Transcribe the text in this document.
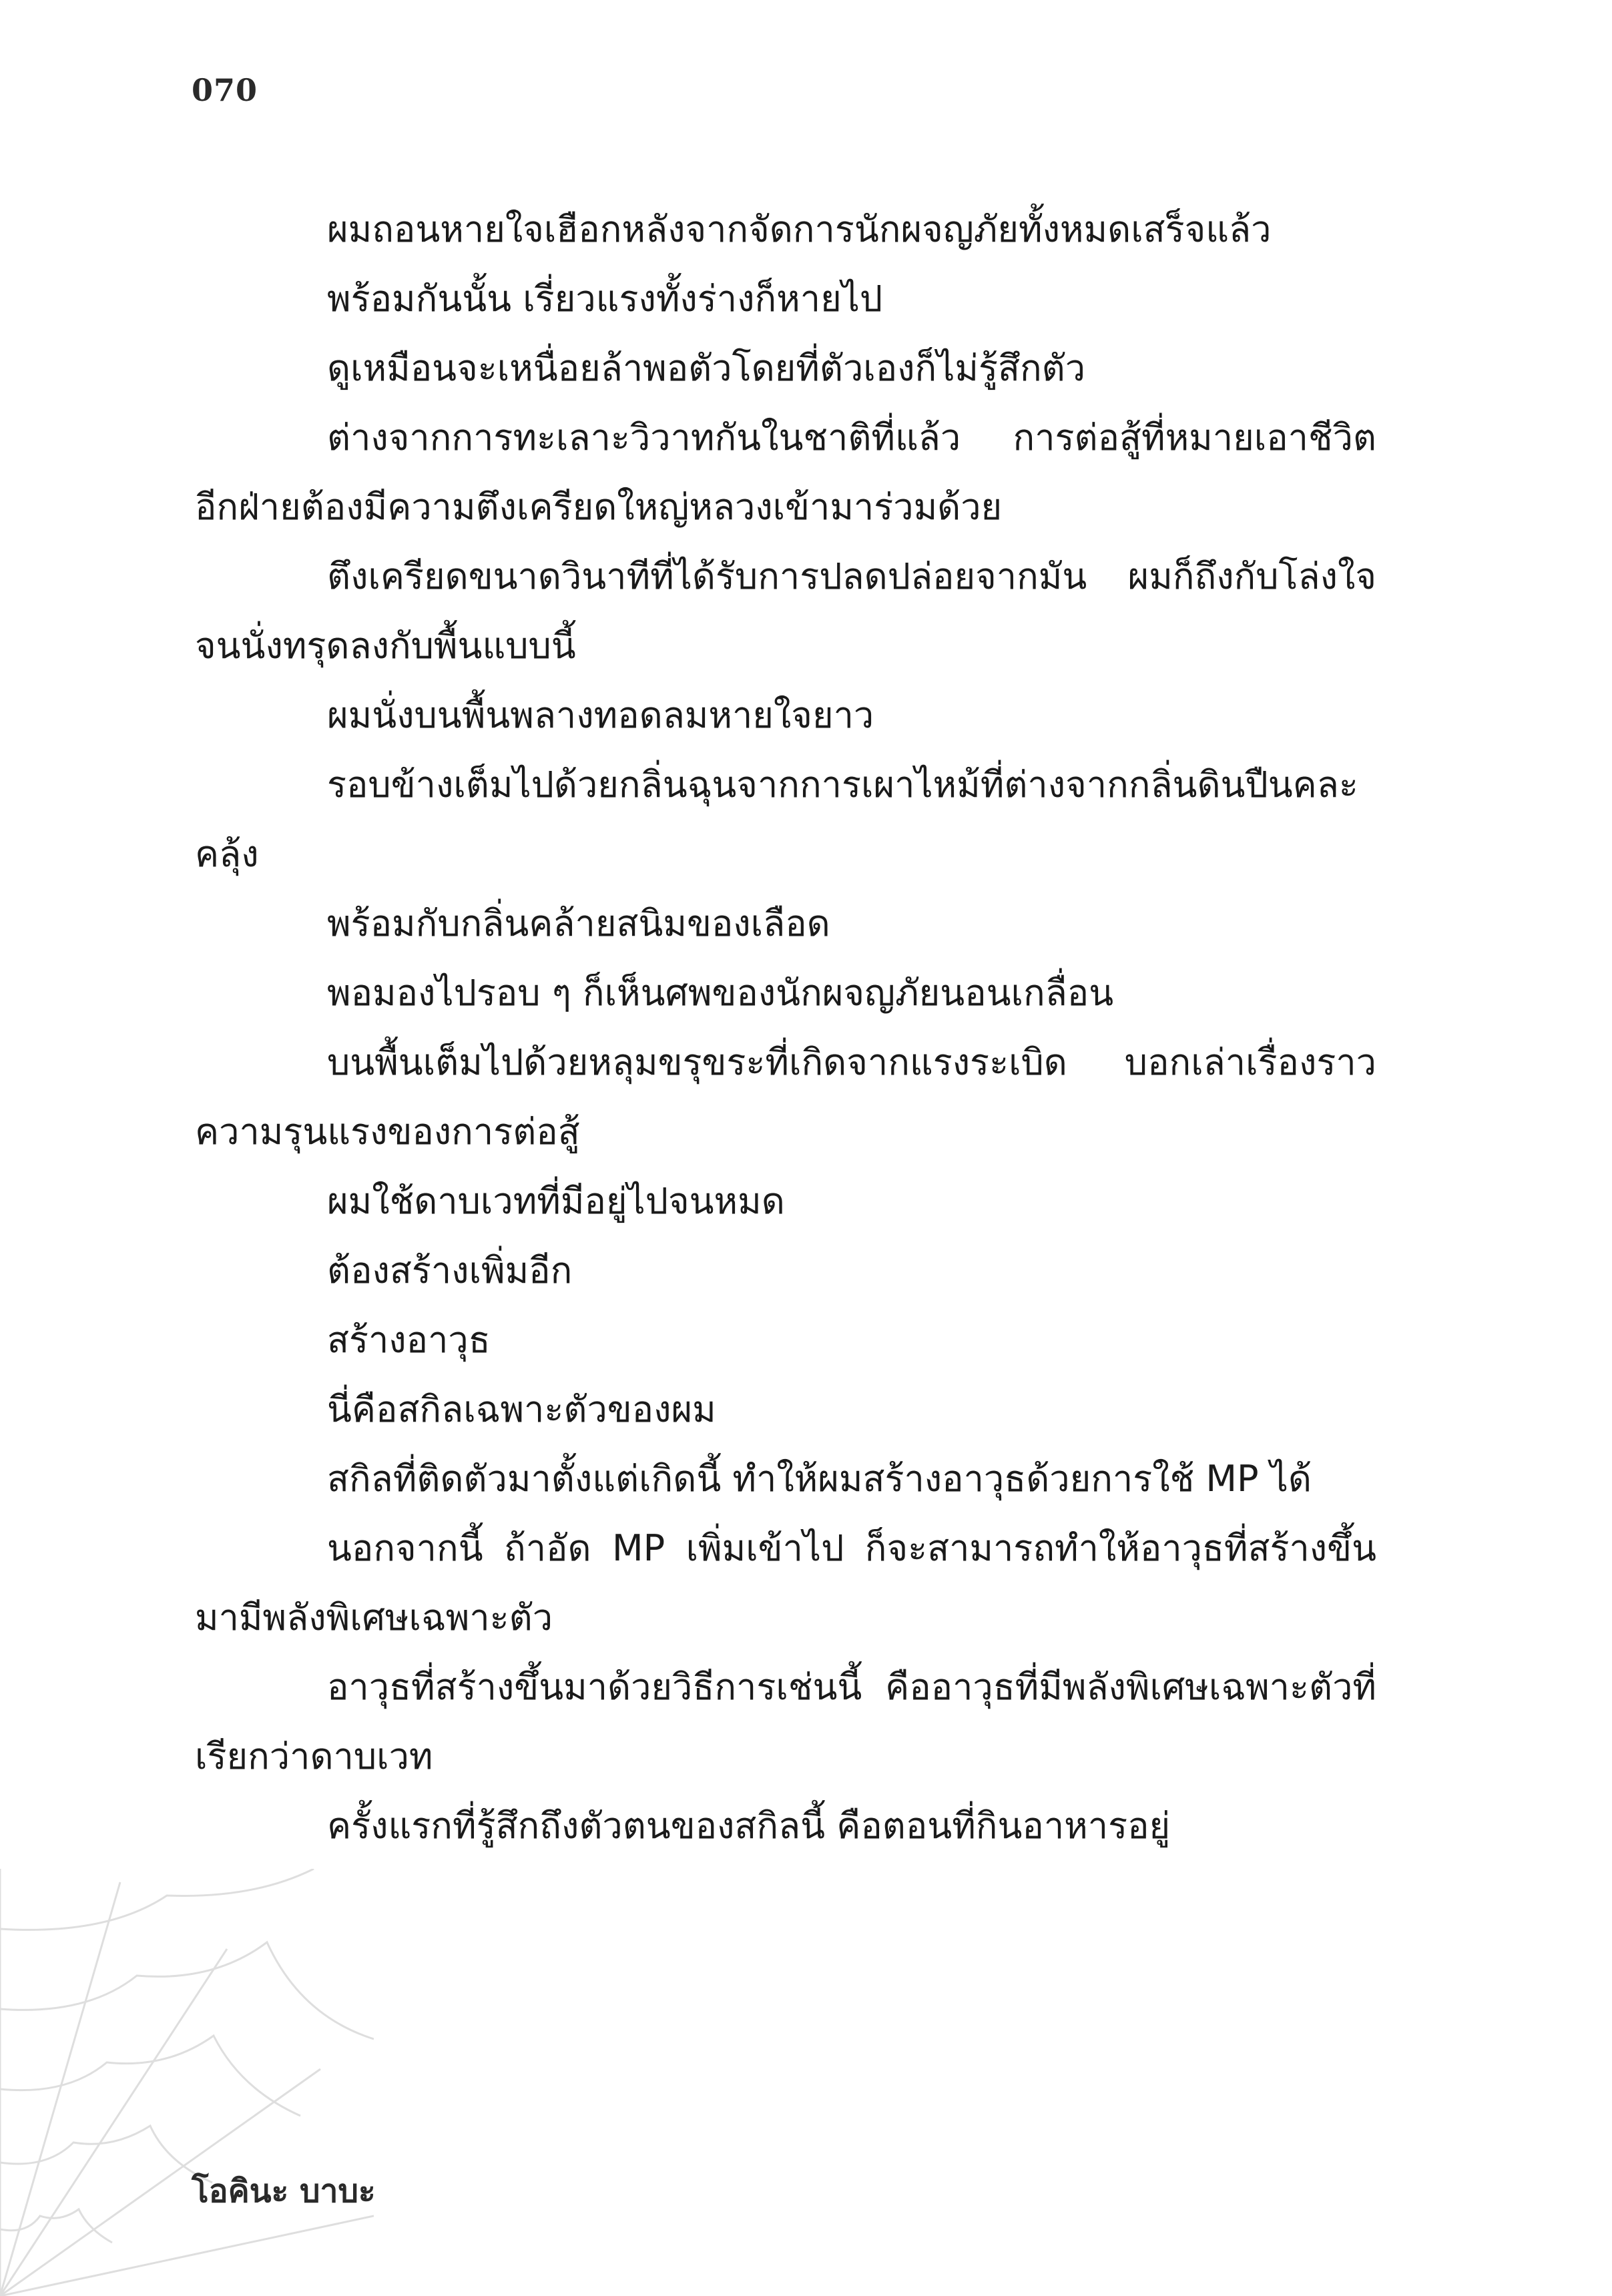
070

ผมถอนหายใจเฮือกหลังจากจัดการนักผจญภัยทั้งหมดเสร็จแล้ว

พร้อมกันนั้น เรี่ยวแรงทั้งร่างก็หายไป

ดูเหมือนจะเหนื่อยล้าพอตัวโดยที่ตัวเองก็ไม่รู้สึกตัว

ต่างจากการทะเลาะวิวาทกันในชาติที่แล้ว การต่อสู้ที่หมายเอาชีวิตอีกฝ่ายต้องมีความตึงเครียดใหญ่หลวงเข้ามาร่วมด้วย

ตึงเครียดขนาดวินาทีที่ได้รับการปลดปล่อยจากมัน ผมก็ถึงกับโล่งใจจนนั่งทรุดลงกับพื้นแบบนี้

ผมนั่งบนพื้นพลางทอดลมหายใจยาว

รอบข้างเต็มไปด้วยกลิ่นฉุนจากการเผาไหม้ที่ต่างจากกลิ่นดินปืนคละคลุ้ง

พร้อมกับกลิ่นคล้ายสนิมของเลือด

พอมองไปรอบ ๆ ก็เห็นศพของนักผจญภัยนอนเกลื่อน

บนพื้นเต็มไปด้วยหลุมขรุขระที่เกิดจากแรงระเบิด บอกเล่าเรื่องราวความรุนแรงของการต่อสู้

ผมใช้ดาบเวทที่มีอยู่ไปจนหมด

ต้องสร้างเพิ่มอีก

สร้างอาวุธ

นี่คือสกิลเฉพาะตัวของผม

สกิลที่ติดตัวมาตั้งแต่เกิดนี้ ทำให้ผมสร้างอาวุธด้วยการใช้ MP ได้

นอกจากนี้ ถ้าอัด MP เพิ่มเข้าไป ก็จะสามารถทำให้อาวุธที่สร้างขึ้นมามีพลังพิเศษเฉพาะตัว

อาวุธที่สร้างขึ้นมาด้วยวิธีการเช่นนี้ คืออาวุธที่มีพลังพิเศษเฉพาะตัวที่เรียกว่าดาบเวท

ครั้งแรกที่รู้สึกถึงตัวตนของสกิลนี้ คือตอนที่กินอาหารอยู่

โอคินะ บาบะ
